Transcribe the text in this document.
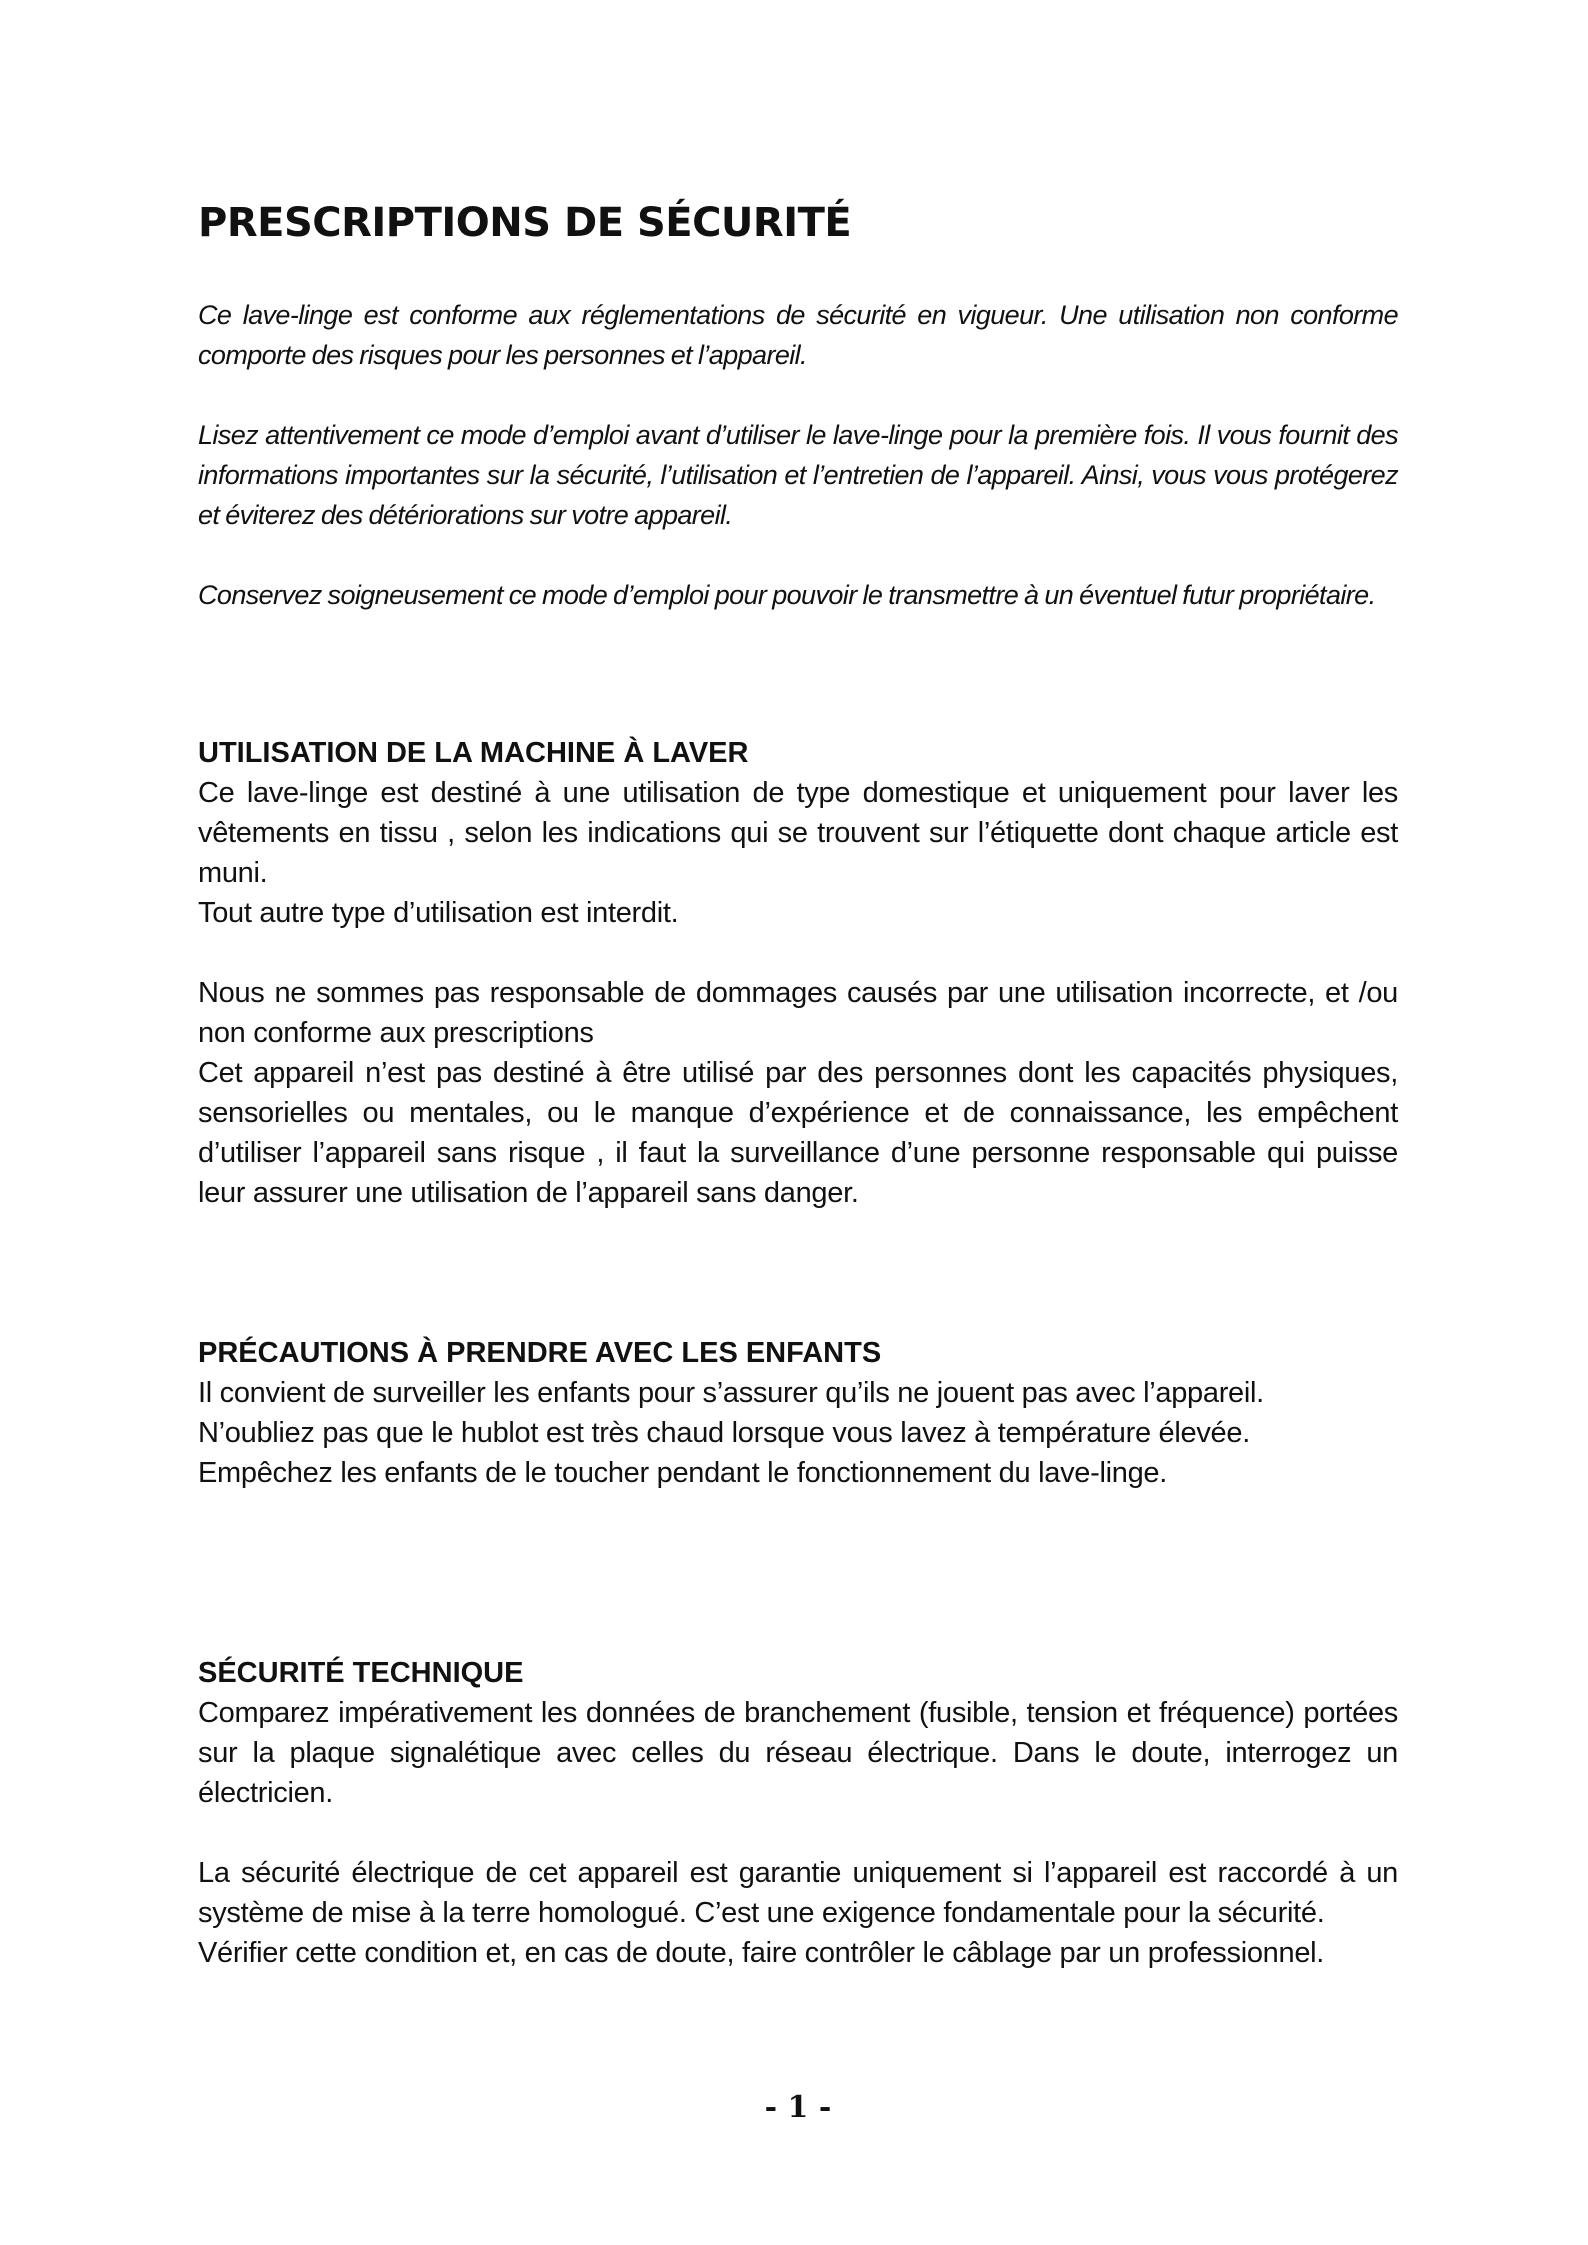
PRESCRIPTIONS DE SÉCURITÉ

Ce lave-linge est conforme aux réglementations de sécurité en vigueur. Une utilisation non conforme comporte des risques pour les personnes et l’appareil.

Lisez attentivement ce mode d’emploi avant d’utiliser le lave-linge pour la première fois. Il vous fournit des informations importantes sur la sécurité, l’utilisation et l’entretien de l’appareil. Ainsi, vous vous protégerez et éviterez des détériorations sur votre appareil.

Conservez soigneusement ce mode d’emploi pour pouvoir le transmettre à un éventuel futur propriétaire.

UTILISATION DE LA MACHINE À LAVER

Ce lave-linge est destiné à une utilisation de type domestique et uniquement pour laver les vêtements en tissu , selon les indications qui se trouvent sur l’étiquette dont chaque article est muni.

Tout autre type d’utilisation est interdit.

Nous ne sommes pas responsable de dommages causés par une utilisation incorrecte, et /ou non conforme aux prescriptions

Cet appareil n’est pas destiné à être utilisé par des personnes dont les capacités physiques, sensorielles ou mentales, ou le manque d’expérience et de connaissance, les empêchent d’utiliser l’appareil sans risque , il faut la surveillance d’une personne responsable qui puisse leur assurer une utilisation de l’appareil sans danger.

PRÉCAUTIONS À PRENDRE AVEC LES ENFANTS

Il convient de surveiller les enfants pour s’assurer qu’ils ne jouent pas avec l’appareil.

N’oubliez pas que le hublot est très chaud lorsque vous lavez à température élevée.

Empêchez les enfants de le toucher pendant le fonctionnement du lave-linge.

SÉCURITÉ TECHNIQUE

Comparez impérativement les données de branchement (fusible, tension et fréquence) portées sur la plaque signalétique avec celles du réseau électrique. Dans le doute, interrogez un électricien.

La sécurité électrique de cet appareil est garantie uniquement si l’appareil est raccordé à un système de mise à la terre homologué. C’est une exigence fondamentale pour la sécurité.

Vérifier cette condition et, en cas de doute, faire contrôler le câblage par un professionnel.

- 1 -
